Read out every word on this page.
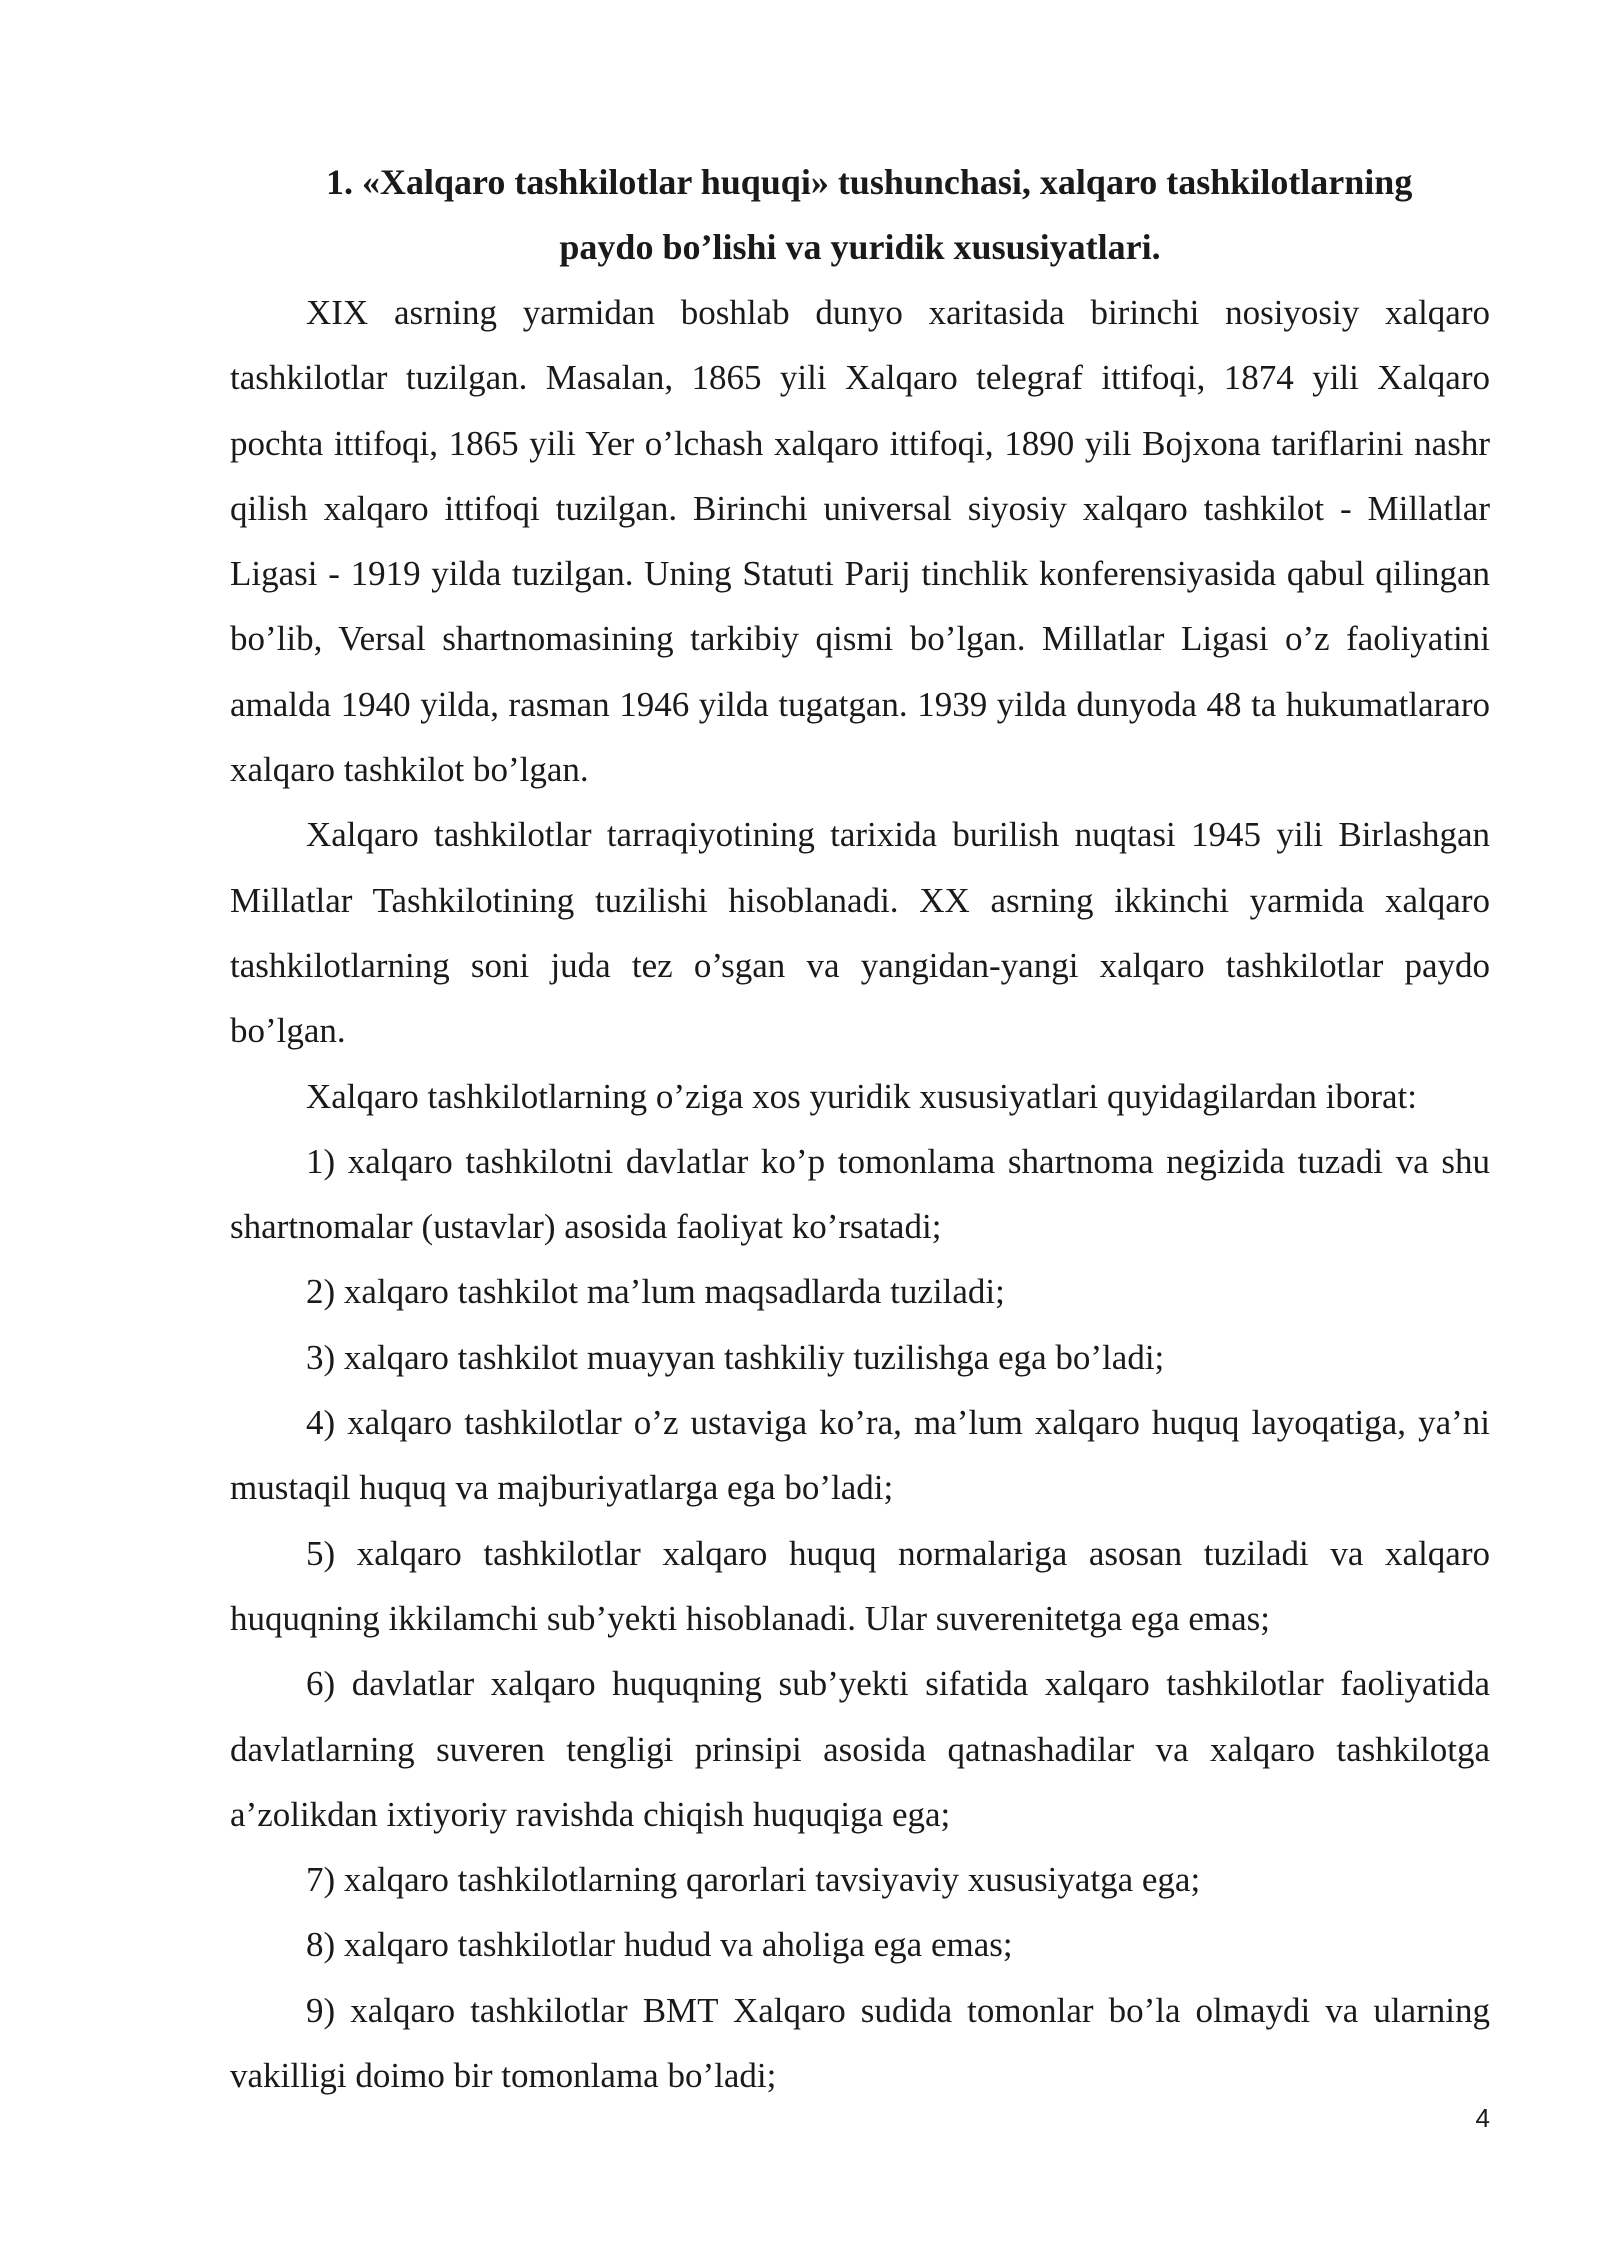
1. «Xalqaro tashkilotlar huquqi» tushunchasi, xalqaro tashkilotlarning
paydo bo’lishi va yuridik xususiyatlari.

XIX asrning yarmidan boshlab dunyo xaritasida birinchi nosiyosiy xalqaro tashkilotlar tuzilgan. Masalan, 1865 yili Xalqaro telegraf ittifoqi, 1874 yili Xalqaro pochta ittifoqi, 1865 yili Yer o’lchash xalqaro ittifoqi, 1890 yili Bojxona tariflarini nashr qilish xalqaro ittifoqi tuzilgan. Birinchi universal siyosiy xalqaro tashkilot - Millatlar Ligasi - 1919 yilda tuzilgan. Uning Statuti Parij tinchlik konferensiyasida qabul qilingan bo’lib, Versal shartnomasining tarkibiy qismi bo’lgan. Millatlar Ligasi o’z faoliyatini amalda 1940 yilda, rasman 1946 yilda tugatgan. 1939 yilda dunyoda 48 ta hukumatlararo xalqaro tashkilot bo’lgan.

Xalqaro tashkilotlar tarraqiyotining tarixida burilish nuqtasi 1945 yili Birlashgan Millatlar Tashkilotining tuzilishi hisoblanadi. XX asrning ikkinchi yarmida xalqaro tashkilotlarning soni juda tez o’sgan va yangidan-yangi xalqaro tashkilotlar paydo bo’lgan.

Xalqaro tashkilotlarning o’ziga xos yuridik xususiyatlari quyidagilardan iborat:

1) xalqaro tashkilotni davlatlar ko’p tomonlama shartnoma negizida tuzadi va shu shartnomalar (ustavlar) asosida faoliyat ko’rsatadi;

2) xalqaro tashkilot ma’lum maqsadlarda tuziladi;

3) xalqaro tashkilot muayyan tashkiliy tuzilishga ega bo’ladi;

4) xalqaro tashkilotlar o’z ustaviga ko’ra, ma’lum xalqaro huquq layoqatiga, ya’ni mustaqil huquq va majburiyatlarga ega bo’ladi;

5) xalqaro tashkilotlar xalqaro huquq normalariga asosan tuziladi va xalqaro huquqning ikkilamchi sub’yekti hisoblanadi. Ular suverenitetga ega emas;

6) davlatlar xalqaro huquqning sub’yekti sifatida xalqaro tashkilotlar faoliyatida davlatlarning suveren tengligi prinsipi asosida qatnashadilar va xalqaro tashkilotga a’zolikdan ixtiyoriy ravishda chiqish huquqiga ega;

7) xalqaro tashkilotlarning qarorlari tavsiyaviy xususiyatga ega;

8) xalqaro tashkilotlar hudud va aholiga ega emas;

9) xalqaro tashkilotlar BMT Xalqaro sudida tomonlar bo’la olmaydi va ularning vakilligi doimo bir tomonlama bo’ladi;

4
